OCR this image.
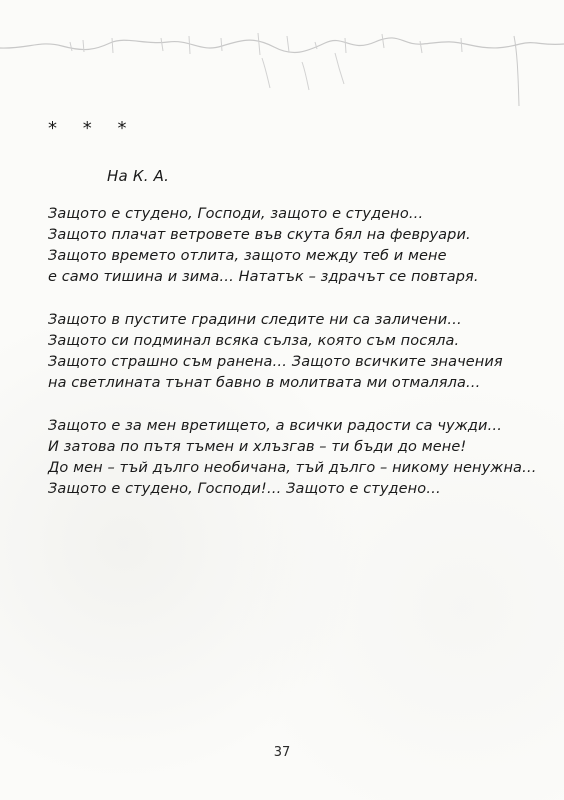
* * *
На К. А.
Защото е студено, Господи, защото е студено…
Защото плачат ветровете във скута бял на февруари.
Защото времето отлита, защото между теб и мене
е само тишина и зима… Нататък – здрачът се повтаря.
Защото в пустите градини следите ни са заличени…
Защото си подминал всяка сълза, която съм посяла.
Защото страшно съм ранена… Защото всичките значения
на светлината тънат бавно в молитвата ми отмаляла…
Защото е за мен вретището, а всички радости са чужди…
И затова по пътя тъмен и хлъзгав – ти бъди до мене!
До мен – тъй дълго необичана, тъй дълго – никому ненужна…
Защото е студено, Господи!… Защото е студено…
37
